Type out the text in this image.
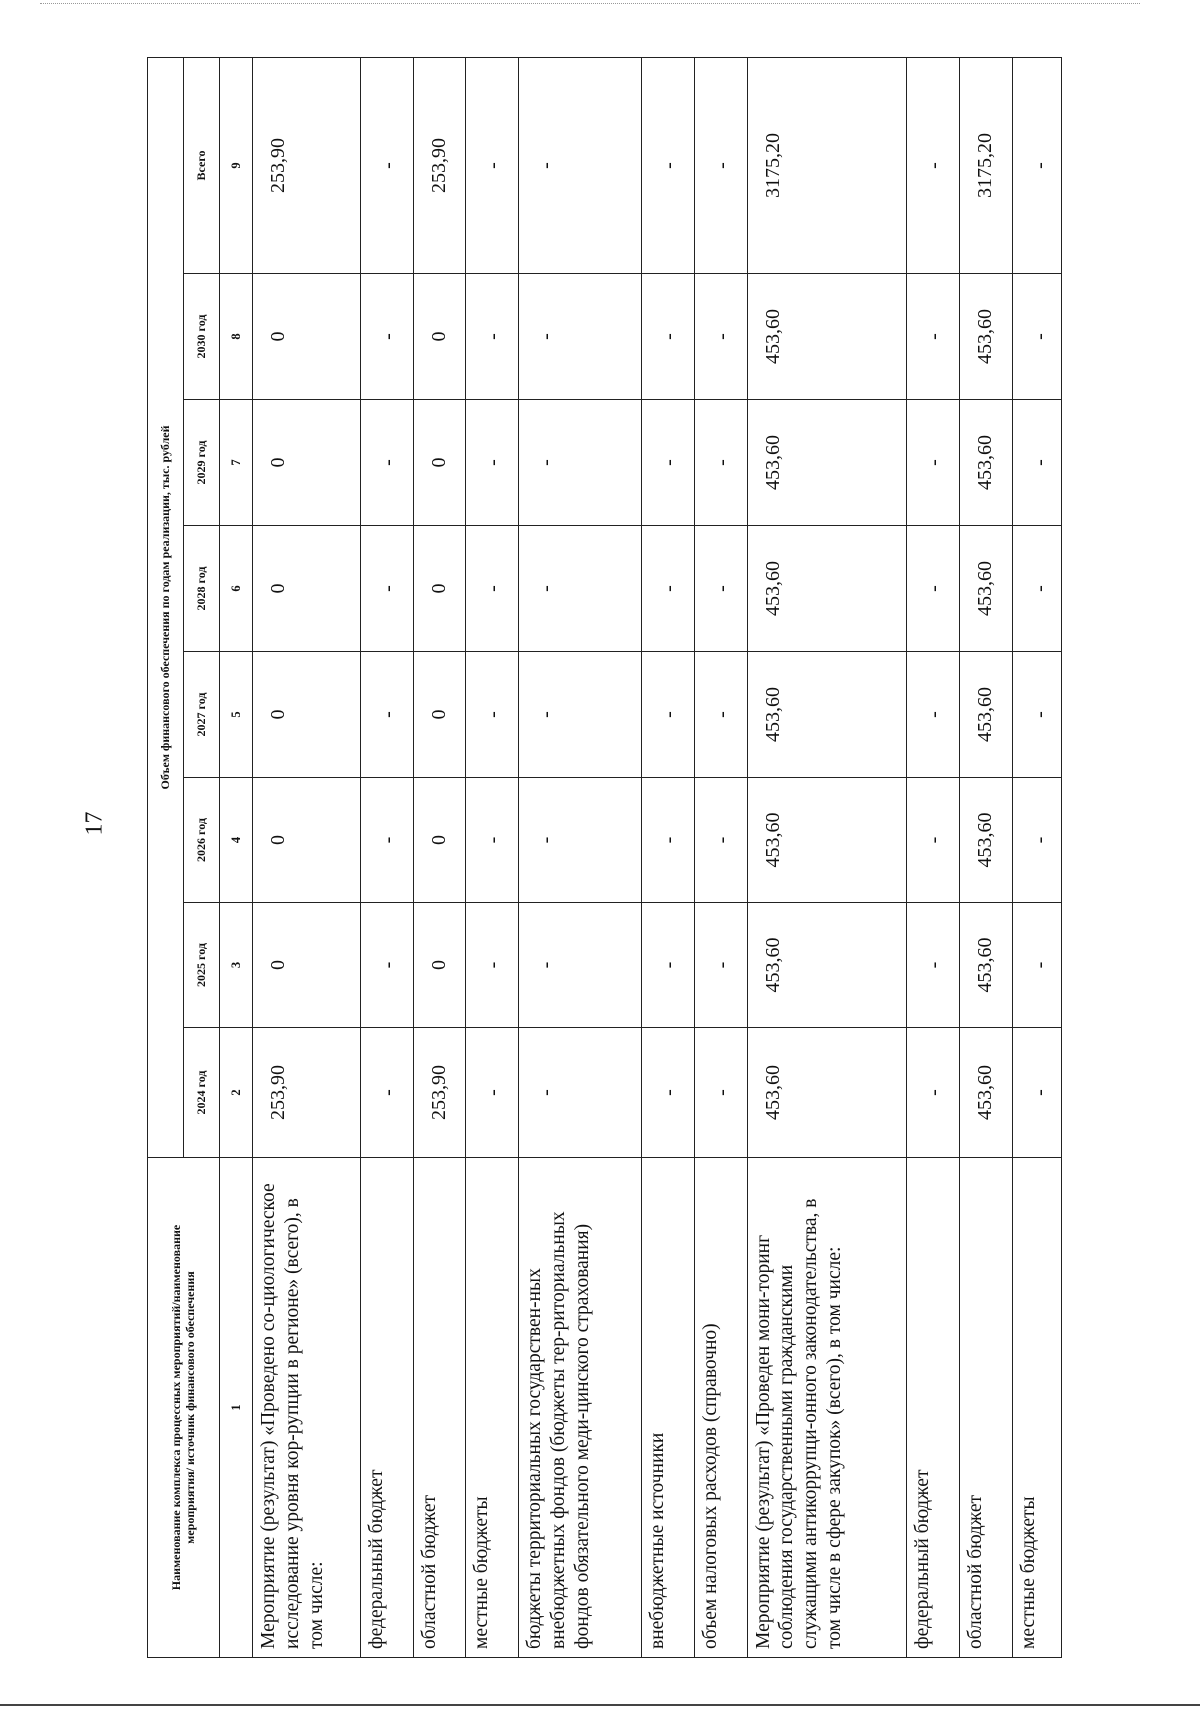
17
Наименование комплекса процессных мероприятий/наименование мероприятия/ источник финансового обеспечения	Объем финансового обеспечения по годам реализации, тыс. рублей							
	2024 год	2025 год	2026 год	2027 год	2028 год	2029 год	2030 год	Всего
1	2	3	4	5	6	7	8	9
Мероприятие (результат) «Проведено со-циологическое исследование уровня кор-рупции в регионе» (всего), в том числе:	253,90	0	0	0	0	0	0	253,90
федеральный бюджет	-	-	-	-	-	-	-	-
областной бюджет	253,90	0	0	0	0	0	0	253,90
местные бюджеты	-	-	-	-	-	-	-	-
бюджеты территориальных государствен-ных внебюджетных фондов (бюджеты тер-риториальных фондов обязательного меди-цинского страхования)	-	-	-	-	-	-	-	-
внебюджетные источники	-	-	-	-	-	-	-	-
объем налоговых расходов (справочно)	-	-	-	-	-	-	-	-
Мероприятие (результат) «Проведен мони-торинг соблюдения государственными гражданскими служащими антикоррупци-онного законодательства, в том числе в сфере закупок» (всего), в том числе:	453,60	453,60	453,60	453,60	453,60	453,60	453,60	3175,20
федеральный бюджет	-	-	-	-	-	-	-	-
областной бюджет	453,60	453,60	453,60	453,60	453,60	453,60	453,60	3175,20
местные бюджеты	-	-	-	-	-	-	-	-
